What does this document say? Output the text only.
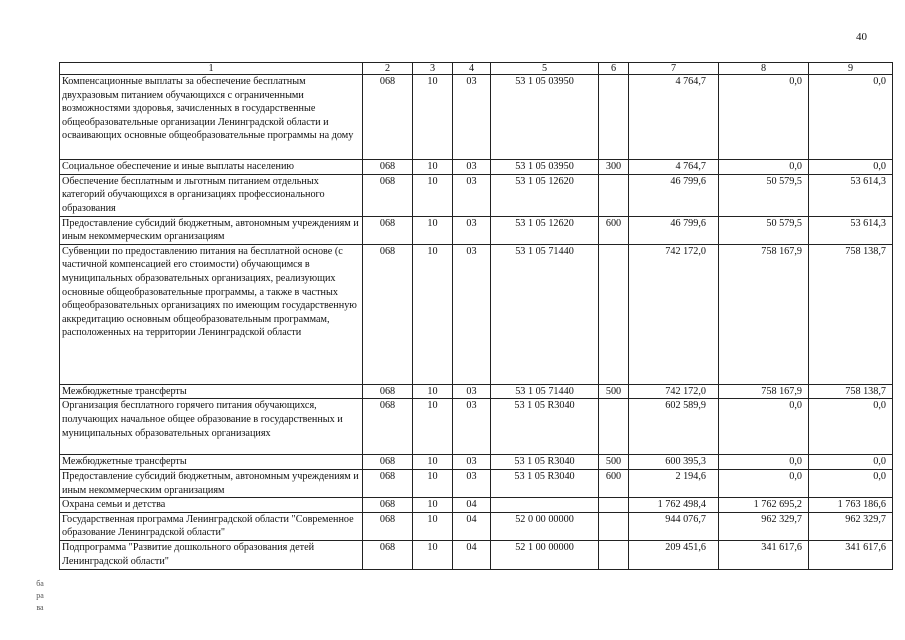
40
1	2	3	4	5	6	7	8	9
Компенсационные выплаты за обеспечение бесплатным двухразовым питанием обучающихся с ограниченными возможностями здоровья, зачисленных в государственные общеобразовательные организации Ленинградской области и осваивающих основные общеобразовательные программы на дому	068	10	03	53 1 05 03950		4 764,7	0,0	0,0
Социальное обеспечение и иные выплаты населению	068	10	03	53 1 05 03950	300	4 764,7	0,0	0,0
Обеспечение бесплатным и льготным питанием отдельных категорий обучающихся в организациях профессионального образования	068	10	03	53 1 05 12620		46 799,6	50 579,5	53 614,3
Предоставление субсидий бюджетным, автономным учреждениям и иным некоммерческим организациям	068	10	03	53 1 05 12620	600	46 799,6	50 579,5	53 614,3
Субвенции по предоставлению питания на бесплатной основе (с частичной компенсацией его стоимости) обучающимся в муниципальных образовательных организациях, реализующих основные общеобразовательные программы, а также в частных общеобразовательных организациях по имеющим государственную аккредитацию основным общеобразовательным программам, расположенных на территории Ленинградской области	068	10	03	53 1 05 71440		742 172,0	758 167,9	758 138,7
Межбюджетные трансферты	068	10	03	53 1 05 71440	500	742 172,0	758 167,9	758 138,7
Организация бесплатного горячего питания обучающихся, получающих начальное общее образование в государственных и муниципальных образовательных организациях	068	10	03	53 1 05 R3040		602 589,9	0,0	0,0
Межбюджетные трансферты	068	10	03	53 1 05 R3040	500	600 395,3	0,0	0,0
Предоставление субсидий бюджетным, автономным учреждениям и иным некоммерческим организациям	068	10	03	53 1 05 R3040	600	2 194,6	0,0	0,0
Охрана семьи и детства	068	10	04			1 762 498,4	1 762 695,2	1 763 186,6
Государственная программа Ленинградской области "Современное образование Ленинградской области"	068	10	04	52 0 00 00000		944 076,7	962 329,7	962 329,7
Подпрограмма "Развитие дошкольного образования детей Ленинградской области"	068	10	04	52 1 00 00000		209 451,6	341 617,6	341 617,6
ба
ра
ва
